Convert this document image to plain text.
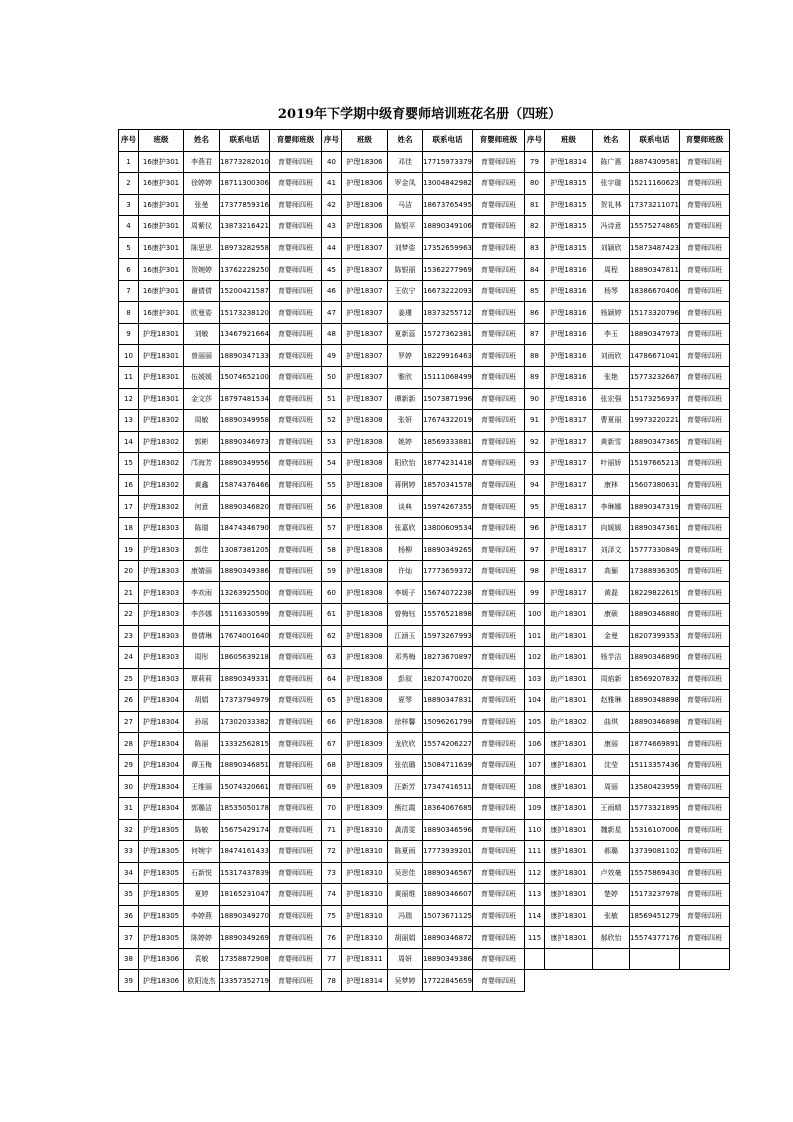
2019年下学期中级育婴师培训班花名册（四班）
序号	班级	姓名	联系电话	育婴师班级	序号	班级	姓名	联系电话	育婴师班级	序号	班级	姓名	联系电话	育婴师班级
1	16康护301	李燕君	18773282010	育婴师四班	40	护理18306	邓佳	17715973379	育婴师四班	79	护理18314	陈广惠	18874309581	育婴师四班
2	16康护301	徐婷婷	18711300306	育婴师四班	41	护理18306	罗金凤	13004842982	育婴师四班	80	护理18315	张宇璇	15211160623	育婴师四班
3	16康护301	张曼	17377859316	育婴师四班	42	护理18306	马洁	18673765495	育婴师四班	81	护理18315	贺礼林	17373211071	育婴师四班
4	16康护301	周紫仪	13873216421	育婴师四班	43	护理18306	陈银平	18890349106	育婴师四班	82	护理18315	冯诗意	15575274865	育婴师四班
5	16康护301	陈思思	18973282958	育婴师四班	44	护理18307	刘梦姿	17352659963	育婴师四班	83	护理18315	刘颖欣	15873487423	育婴师四班
6	16康护301	贺婉婷	13762228250	育婴师四班	45	护理18307	陈银丽	15362277969	育婴师四班	84	护理18316	周程	18890347811	育婴师四班
7	16康护301	谢倩倩	15200421587	育婴师四班	46	护理18307	王依宁	16673222093	育婴师四班	85	护理18316	杨琴	18386670406	育婴师四班
8	16康护301	欧曼姿	15173238120	育婴师四班	47	护理18307	姜瑾	18373255712	育婴师四班	86	护理18316	杨颖婷	15173320796	育婴师四班
9	护理18301	刘敏	13467921664	育婴师四班	48	护理18307	夏新蕊	15727362381	育婴师四班	87	护理18316	李玉	18890347973	育婴师四班
10	护理18301	曾丽丽	18890347133	育婴师四班	49	护理18307	罗婷	18229916463	育婴师四班	88	护理18316	刘雨欣	14786671041	育婴师四班
11	护理18301	伍媛媛	15074652100	育婴师四班	50	护理18307	雅欣	15111068499	育婴师四班	89	护理18316	张艳	15773232667	育婴师四班
12	护理18301	金文莎	18797481534	育婴师四班	51	护理18307	谭新新	15073871996	育婴师四班	90	护理18316	张宏强	15173256937	育婴师四班
13	护理18302	周敏	18890349958	育婴师四班	52	护理18308	张妍	17674322019	育婴师四班	91	护理18317	曹夏丽	19973220221	育婴师四班
14	护理18302	郭彬	18890346973	育婴师四班	53	护理18308	姚婷	18569333881	育婴师四班	92	护理18317	黄新雪	18890347365	育婴师四班
15	护理18302	邝海芳	18890349956	育婴师四班	54	护理18308	阳欣怡	18774231418	育婴师四班	93	护理18317	叶丽娇	15197665213	育婴师四班
16	护理18302	黄鑫	15874376466	育婴师四班	55	护理18308	蒋俐婷	18570341578	育婴师四班	94	护理18317	康林	15607380631	育婴师四班
17	护理18302	何意	18890346820	育婴师四班	56	护理18308	谈典	15974267355	育婴师四班	95	护理18317	李琳娜	18890347319	育婴师四班
18	护理18303	陈瑞	18474346790	育婴师四班	57	护理18308	张嘉欣	13800609534	育婴师四班	96	护理18317	向媛媛	18890347361	育婴师四班
19	护理18303	郭佳	13087381205	育婴师四班	58	护理18308	杨柳	18890349265	育婴师四班	97	护理18317	刘泽文	15777330849	育婴师四班
20	护理18303	康婧丽	18890349386	育婴师四班	59	护理18308	许灿	17773659372	育婴师四班	98	护理18317	高俪	17388936305	育婴师四班
21	护理18303	李欢雨	13263925500	育婴师四班	60	护理18308	李媛子	15674072238	育婴师四班	99	护理18317	黄磊	18229822615	育婴师四班
22	护理18303	李莎娜	15116330599	育婴师四班	61	护理18308	曾梅钰	15576521898	育婴师四班	100	助产18301	康硕	18890346880	育婴师四班
23	护理18303	曾倩琳	17674001640	育婴师四班	62	护理18308	江涵玉	15973267993	育婴师四班	101	助产18301	金曼	18207399353	育婴师四班
24	护理18303	周彤	18605639218	育婴师四班	63	护理18308	邓秀梅	18273670897	育婴师四班	102	助产18301	杨芋洁	18890346890	育婴师四班
25	护理18303	覃莉莉	18890349331	育婴师四班	64	护理18308	彭叙	18207470020	育婴师四班	103	助产18301	周焰新	18569207832	育婴师四班
26	护理18304	胡娟	17373794979	育婴师四班	65	护理18308	夏琴	18890347831	育婴师四班	104	助产18301	赵雅琳	18890348898	育婴师四班
27	护理18304	孙瑶	17302033382	育婴师四班	66	护理18308	徐梓馨	15096261799	育婴师四班	105	助产18302	曲琪	18890346898	育婴师四班
28	护理18304	陈丽	13332562815	育婴师四班	67	护理18309	龙欣欣	15574206227	育婴师四班	106	康护18301	康丽	18774669891	育婴师四班
29	护理18304	谭玉梅	18890346851	育婴师四班	68	护理18309	张依璐	15084711639	育婴师四班	107	康护18301	沈莹	15113357436	育婴师四班
30	护理18304	王维丽	15074320661	育婴师四班	69	护理18309	汪新芳	17347416511	育婴师四班	108	康护18301	周丽	13580423959	育婴师四班
31	护理18304	郭璐洁	18535050178	育婴师四班	70	护理18309	熊红霞	18364067685	育婴师四班	109	康护18301	王雨晴	15773321895	育婴师四班
32	护理18305	陈敏	15675429174	育婴师四班	71	护理18310	龚清雯	18890346596	育婴师四班	110	康护18301	魏新星	15316107006	育婴师四班
33	护理18305	何婉宇	18474161433	育婴师四班	72	护理18310	陈夏雨	17773939201	育婴师四班	111	康护18301	郝璐	13739081102	育婴师四班
34	护理18305	石新悦	15317437839	育婴师四班	73	护理18310	吴思佳	18890346567	育婴师四班	112	康护18301	卢效毫	15575869430	育婴师四班
35	护理18305	夏婷	18165231047	育婴师四班	74	护理18310	黄丽维	18890346607	育婴师四班	113	康护18301	楚婷	15173237978	育婴师四班
36	护理18305	李婷燕	18890349270	育婴师四班	75	护理18310	冯瑞	15073671125	育婴师四班	114	康护18301	张敏	18569451279	育婴师四班
37	护理18305	陈婷婷	18890349269	育婴师四班	76	护理18310	胡丽娟	18890346872	育婴师四班	115	康护18301	郝欣怡	15574377176	育婴师四班
38	护理18306	袁敏	17358872908	育婴师四班	77	护理18311	周妍	18890349386	育婴师四班					
39	护理18306	欧阳凌杰	13357352719	育婴师四班	78	护理18314	吴梦婷	17722845659	育婴师四班					
